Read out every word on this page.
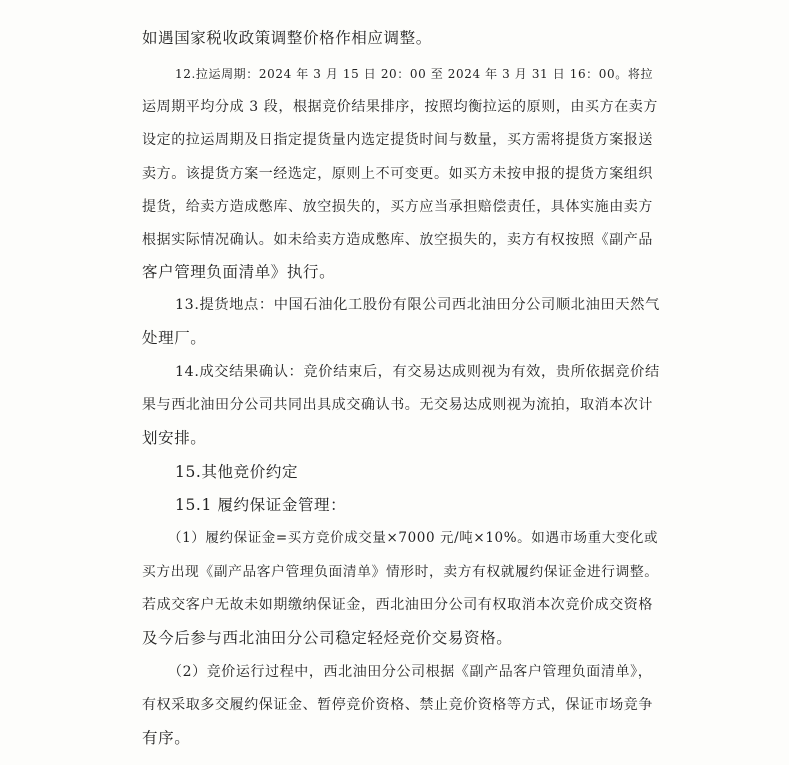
如遇国家税收政策调整价格作相应调整。
12.拉运周期：2024 年 3 月 15 日 20：00 至 2024 年 3 月 31 日 16：00。将拉
运周期平均分成 3 段，根据竞价结果排序，按照均衡拉运的原则，由买方在卖方
设定的拉运周期及日指定提货量内选定提货时间与数量，买方需将提货方案报送
卖方。该提货方案一经选定，原则上不可变更。如买方未按申报的提货方案组织
提货，给卖方造成憋库、放空损失的，买方应当承担赔偿责任，具体实施由卖方
根据实际情况确认。如未给卖方造成憋库、放空损失的，卖方有权按照《副产品
客户管理负面清单》执行。
13.提货地点：中国石油化工股份有限公司西北油田分公司顺北油田天然气
处理厂。
14.成交结果确认：竞价结束后，有交易达成则视为有效，贵所依据竞价结
果与西北油田分公司共同出具成交确认书。无交易达成则视为流拍，取消本次计
划安排。
15.其他竞价约定
15.1 履约保证金管理：
（1）履约保证金=买方竞价成交量×7000 元/吨×10%。如遇市场重大变化或
买方出现《副产品客户管理负面清单》情形时，卖方有权就履约保证金进行调整。
若成交客户无故未如期缴纳保证金，西北油田分公司有权取消本次竞价成交资格
及今后参与西北油田分公司稳定轻烃竞价交易资格。
（2）竞价运行过程中，西北油田分公司根据《副产品客户管理负面清单》，
有权采取多交履约保证金、暂停竞价资格、禁止竞价资格等方式，保证市场竞争
有序。
